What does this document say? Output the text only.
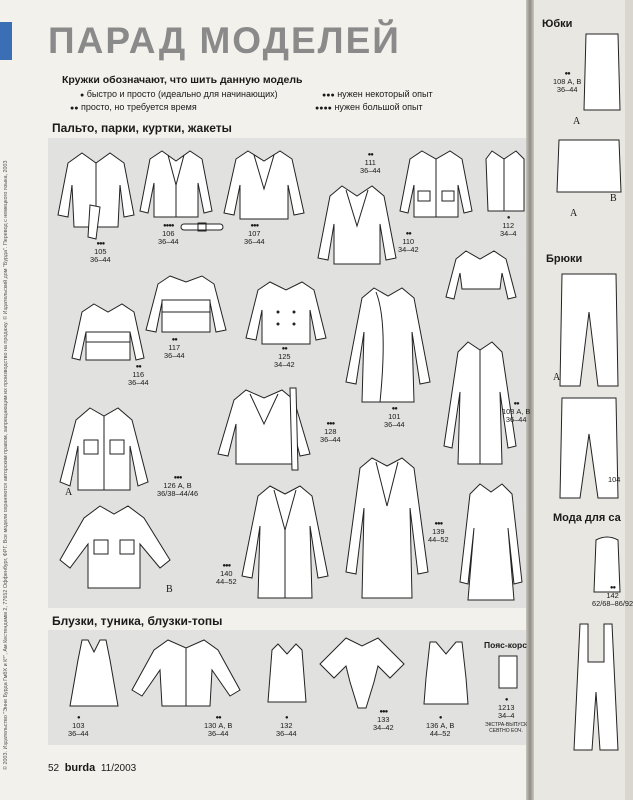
ПАРАД МОДЕЛЕЙ
© 2003. Издательство "Энне Бурда ГмбХ и К°", Ам Кестендамм 2, 77652 Оффенбург, ФРГ. Все модели охраняются авторским правом, запрещающим их производство на продажу. © Издательский дом "Бурда". Перевод с немецкого языка, 2003
Кружки обозначают, что шить данную модель
● быстро и просто (идеально для начинающих)
●● просто, но требуется время
●●● нужен некоторый опыт
●●●● нужен большой опыт
Пальто, парки, куртки, жакеты
Блузки, туника, блузки-топы
●●●
105
36–44
●●●●
106
36–44
●●●
107
36–44
●●
111
36–44
●●
110
34–42
●
112
34–4
●●
116
36–44
●●
117
36–44
●●
125
34–42
●●
101
36–44
●●
108 А, В
36–44
A
B
●●●
126 А, В
36/38–44/46
●●●
128
36–44
●●●
140
44–52
●●●
139
44–52
●
103
36–44
●●
130 А, В
36–44
●
132
36–44
●●●
133
34–42
●
136 А, В
44–52
Пояс-корс
●
1213
34–4
ЭКСТРА-ВЫПУСК СЕВТНО ЕОЧ.
52 burda 11/2003
Юбки
●●
108 А, В
36–44
A
A
B
Брюки
A
104
Мода для са
●●
142
62/68–86/92
